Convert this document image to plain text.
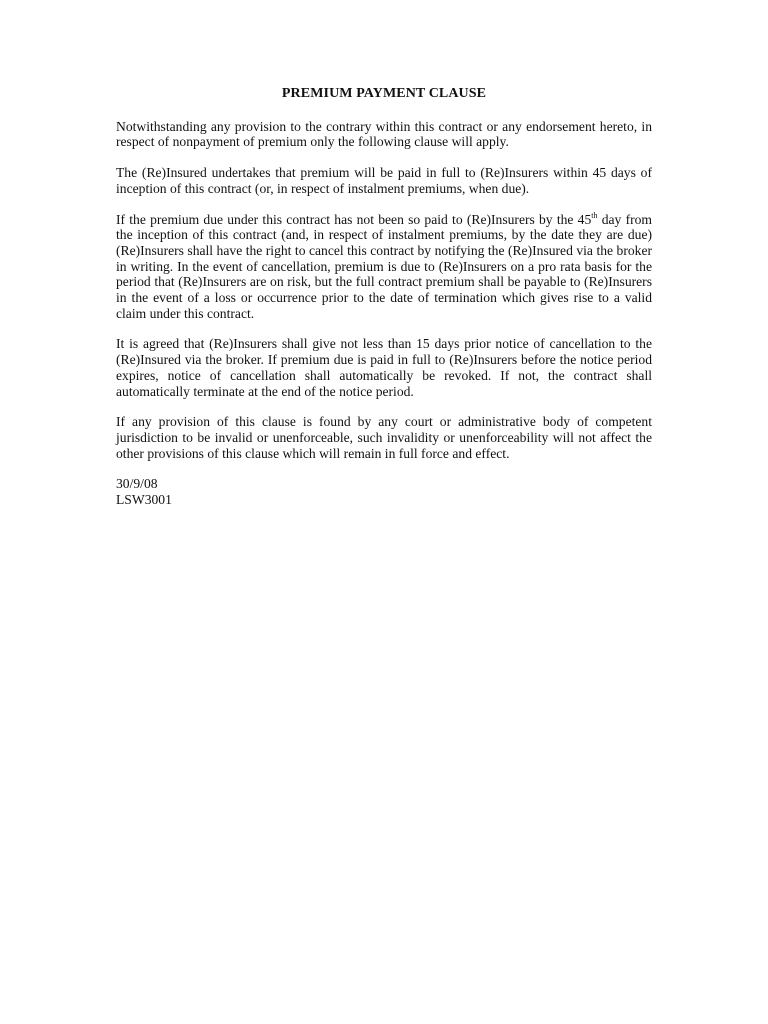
PREMIUM PAYMENT CLAUSE

Notwithstanding any provision to the contrary within this contract or any endorsement hereto, in respect of nonpayment of premium only the following clause will apply.

The (Re)Insured undertakes that premium will be paid in full to (Re)Insurers within 45 days of inception of this contract (or, in respect of instalment premiums, when due).

If the premium due under this contract has not been so paid to (Re)Insurers by the 45th day from the inception of this contract (and, in respect of instalment premiums, by the date they are due) (Re)Insurers shall have the right to cancel this contract by notifying the (Re)Insured via the broker in writing. In the event of cancellation, premium is due to (Re)Insurers on a pro rata basis for the period that (Re)Insurers are on risk, but the full contract premium shall be payable to (Re)Insurers in the event of a loss or occurrence prior to the date of termination which gives rise to a valid claim under this contract.

It is agreed that (Re)Insurers shall give not less than 15 days prior notice of cancellation to the (Re)Insured via the broker. If premium due is paid in full to (Re)Insurers before the notice period expires, notice of cancellation shall automatically be revoked. If not, the contract shall automatically terminate at the end of the notice period.

If any provision of this clause is found by any court or administrative body of competent jurisdiction to be invalid or unenforceable, such invalidity or unenforceability will not affect the other provisions of this clause which will remain in full force and effect.

30/9/08

LSW3001
